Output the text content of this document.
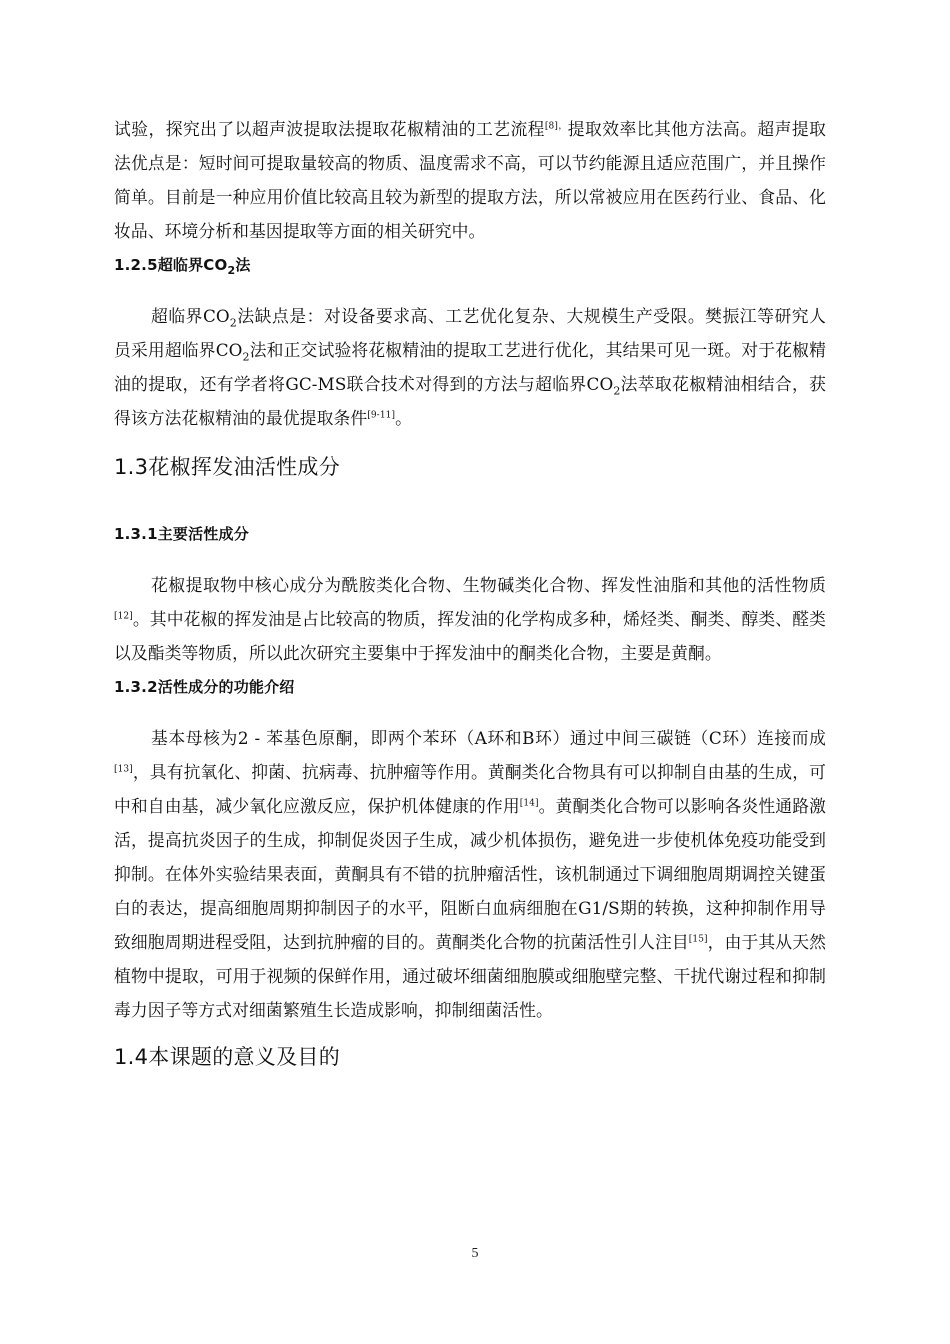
试验，探究出了以超声波提取法提取花椒精油的工艺流程$^{[8],}$提取效率比其他方法高。超声提取法优点是：短时间可提取量较高的物质、温度需求不高，可以节约能源且适应范围广，并且操作简单。目前是一种应用价值比较高且较为新型的提取方法，所以常被应用在医药行业、食品、化妆品、环境分析和基因提取等方面的相关研究中。

1.2.5超临界$CO_2$法

超临界$CO_2$法缺点是：对设备要求高、工艺优化复杂、大规模生产受限。樊振江等研究人员采用超临界$CO_2$法和正交试验将花椒精油的提取工艺进行优化，其结果可见一斑。对于花椒精油的提取，还有学者将GC-MS联合技术对得到的方法与超临界$CO_2$法萃取花椒精油相结合，获得该方法花椒精油的最优提取条件[9-11]。

1.3花椒挥发油活性成分

1.3.1主要活性成分

花椒提取物中核心成分为酰胺类化合物、生物碱类化合物、挥发性油脂和其他的活性物质[12]。其中花椒的挥发油是占比较高的物质，挥发油的化学构成多种，烯烃类、酮类、醇类、醛类以及酯类等物质，所以此次研究主要集中于挥发油中的酮类化合物，主要是黄酮。

1.3.2活性成分的功能介绍

基本母核为2 - 苯基色原酮，即两个苯环（A环和B环）通过中间三碳链（C环）连接而成[13]，具有抗氧化、抑菌、抗病毒、抗肿瘤等作用。黄酮类化合物具有可以抑制自由基的生成，可中和自由基，减少氧化应激反应，保护机体健康的作用[14]。黄酮类化合物可以影响各炎性通路激活，提高抗炎因子的生成，抑制促炎因子生成，减少机体损伤，避免进一步使机体免疫功能受到抑制。在体外实验结果表面，黄酮具有不错的抗肿瘤活性，该机制通过下调细胞周期调控关键蛋白的表达，提高细胞周期抑制因子的水平，阻断白血病细胞在G1/S期的转换，这种抑制作用导致细胞周期进程受阻，达到抗肿瘤的目的。黄酮类化合物的抗菌活性引人注目[15]，由于其从天然植物中提取，可用于视频的保鲜作用，通过破坏细菌细胞膜或细胞壁完整、干扰代谢过程和抑制毒力因子等方式对细菌繁殖生长造成影响，抑制细菌活性。

1.4本课题的意义及目的

5
